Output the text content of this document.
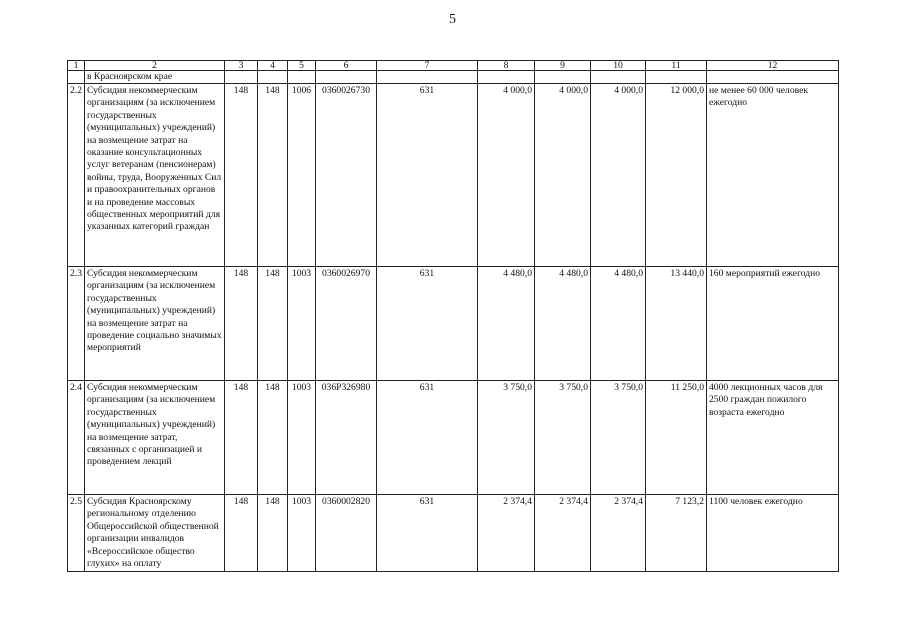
5
1	2	3	4	5	6	7	8	9	10	11	12
	в Красноярском крае										
2.2	Субсидия некоммерческим организациям (за исключением государственных (муниципальных) учреждений) на возмещение затрат на оказание консультационных услуг ветеранам (пенсионерам) войны, труда, Вооруженных Сил и правоохранительных органов и на проведение массовых общественных мероприятий для указанных категорий граждан	148	148	1006	0360026730	631	4 000,0	4 000,0	4 000,0	12 000,0	не менее 60 000 человек ежегодно
2.3	Субсидия некоммерческим организациям (за исключением государственных (муниципальных) учреждений) на возмещение затрат на проведение социально значимых мероприятий	148	148	1003	0360026970	631	4 480,0	4 480,0	4 480,0	13 440,0	160 мероприятий ежегодно
2.4	Субсидия некоммерческим организациям (за исключением государственных (муниципальных) учреждений) на возмещение затрат, связанных с организацией и проведением лекций	148	148	1003	036Р326980	631	3 750,0	3 750,0	3 750,0	11 250,0	4000 лекционных часов для 2500 граждан пожилого возраста ежегодно
2.5	Субсидия Красноярскому региональному отделению Общероссийской общественной организации инвалидов «Всероссийское общество глухих» на оплату	148	148	1003	0360002820	631	2 374,4	2 374,4	2 374,4	7 123,2	1100 человек ежегодно
